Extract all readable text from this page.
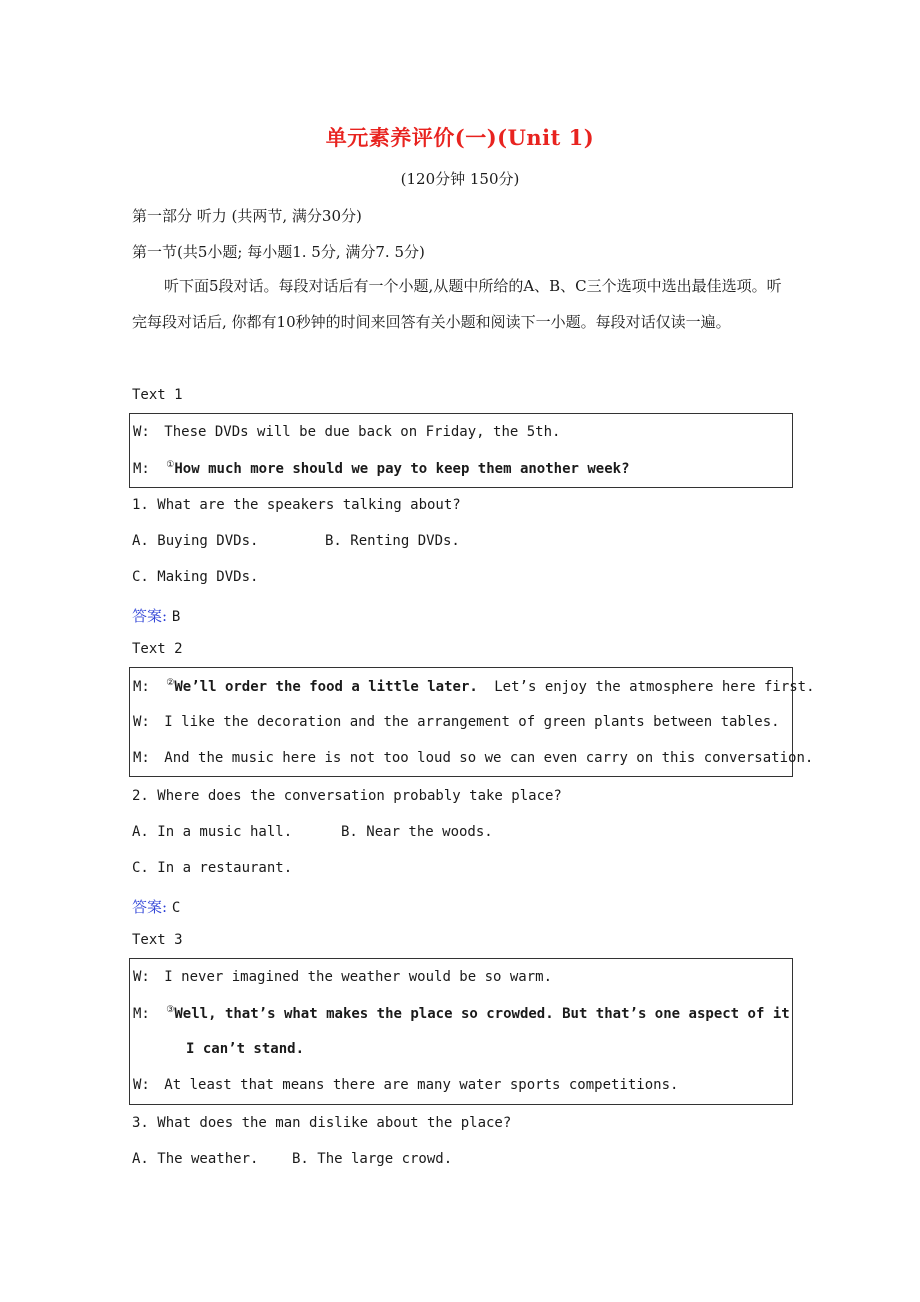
单元素养评价(一)(Unit 1)
(120分钟 150分)
第一部分 听力 (共两节, 满分30分)
第一节(共5小题; 每小题1. 5分, 满分7. 5分)
听下面5段对话。每段对话后有一个小题,从题中所给的A、B、C三个选项中选出最佳选项。听完每段对话后, 你都有10秒钟的时间来回答有关小题和阅读下一小题。每段对话仅读一遍。
Text 1
W: These DVDs will be due back on Friday, the 5th.
M: ①How much more should we pay to keep them another week?
1. What are the speakers talking about?
A. Buying DVDs.	B. Renting DVDs.
C. Making DVDs.
答案: B
Text 2
M: ②We’ll order the food a little later. Let’s enjoy the atmosphere here first.
W: I like the decoration and the arrangement of green plants between tables.
M: And the music here is not too loud so we can even carry on this conversation.
2. Where does the conversation probably take place?
A. In a music hall.	B. Near the woods.
C. In a restaurant.
答案: C
Text 3
W: I never imagined the weather would be so warm.
M: ③Well, that’s what makes the place so crowded. But that’s one aspect of it
I can’t stand.
W: At least that means there are many water sports competitions.
3. What does the man dislike about the place?
A. The weather. B. The large crowd.
